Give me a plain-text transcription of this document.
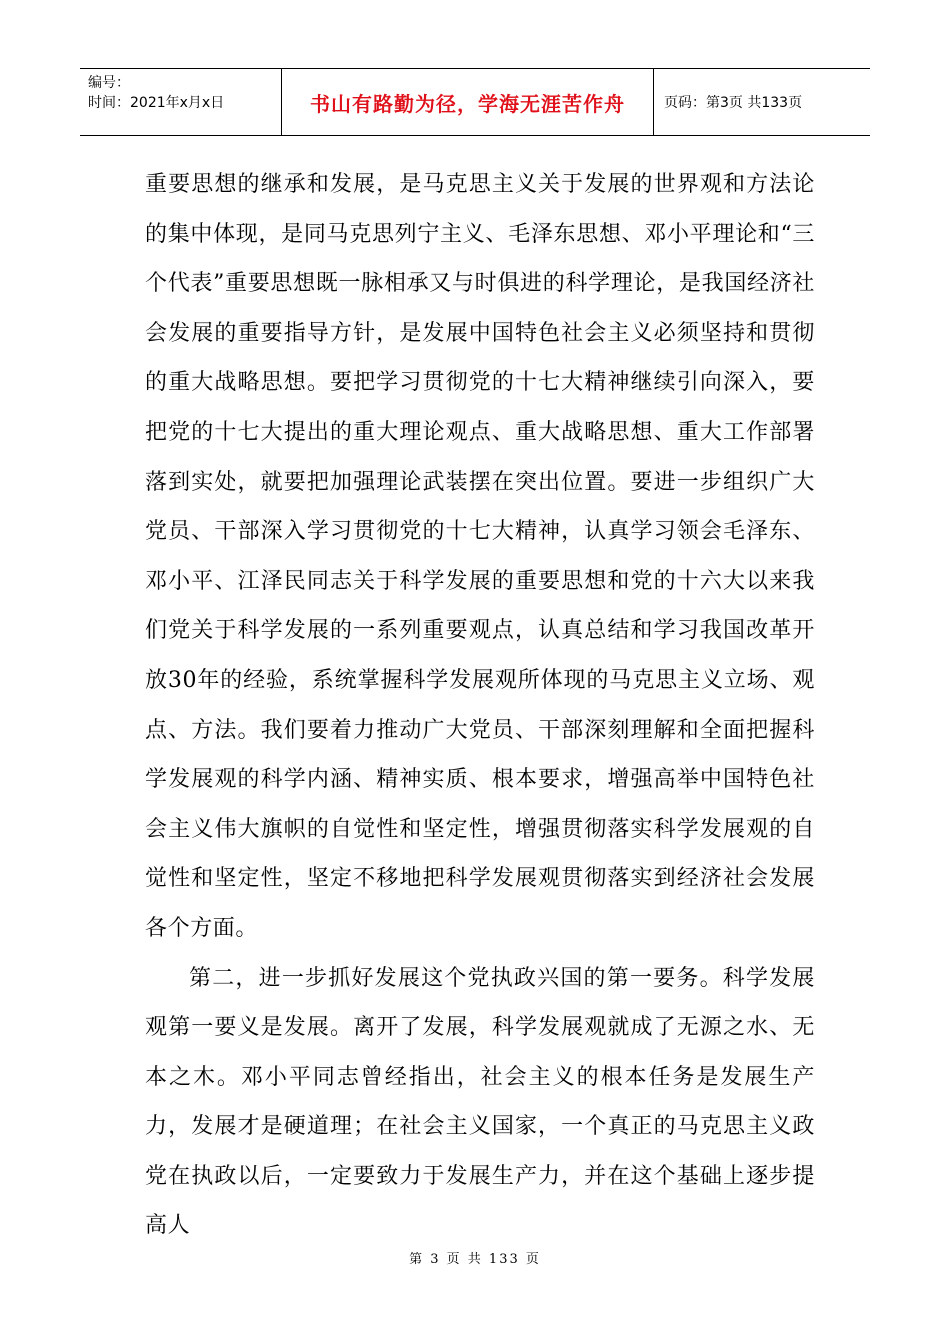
编号：
时间：2021年x月x日	书山有路勤为径，学海无涯苦作舟	页码：第3页 共133页

重要思想的继承和发展，是马克思主义关于发展的世界观和方法论的集中体现，是同马克思列宁主义、毛泽东思想、邓小平理论和“三个代表”重要思想既一脉相承又与时俱进的科学理论，是我国经济社会发展的重要指导方针，是发展中国特色社会主义必须坚持和贯彻的重大战略思想。要把学习贯彻党的十七大精神继续引向深入，要把党的十七大提出的重大理论观点、重大战略思想、重大工作部署落到实处，就要把加强理论武装摆在突出位置。要进一步组织广大党员、干部深入学习贯彻党的十七大精神，认真学习领会毛泽东、邓小平、江泽民同志关于科学发展的重要思想和党的十六大以来我们党关于科学发展的一系列重要观点，认真总结和学习我国改革开放30年的经验，系统掌握科学发展观所体现的马克思主义立场、观点、方法。我们要着力推动广大党员、干部深刻理解和全面把握科学发展观的科学内涵、精神实质、根本要求，增强高举中国特色社会主义伟大旗帜的自觉性和坚定性，增强贯彻落实科学发展观的自觉性和坚定性，坚定不移地把科学发展观贯彻落实到经济社会发展各个方面。

第二，进一步抓好发展这个党执政兴国的第一要务。科学发展观第一要义是发展。离开了发展，科学发展观就成了无源之水、无本之木。邓小平同志曾经指出，社会主义的根本任务是发展生产力，发展才是硬道理；在社会主义国家，一个真正的马克思主义政党在执政以后，一定要致力于发展生产力，并在这个基础上逐步提高人

第 3 页 共 133 页
